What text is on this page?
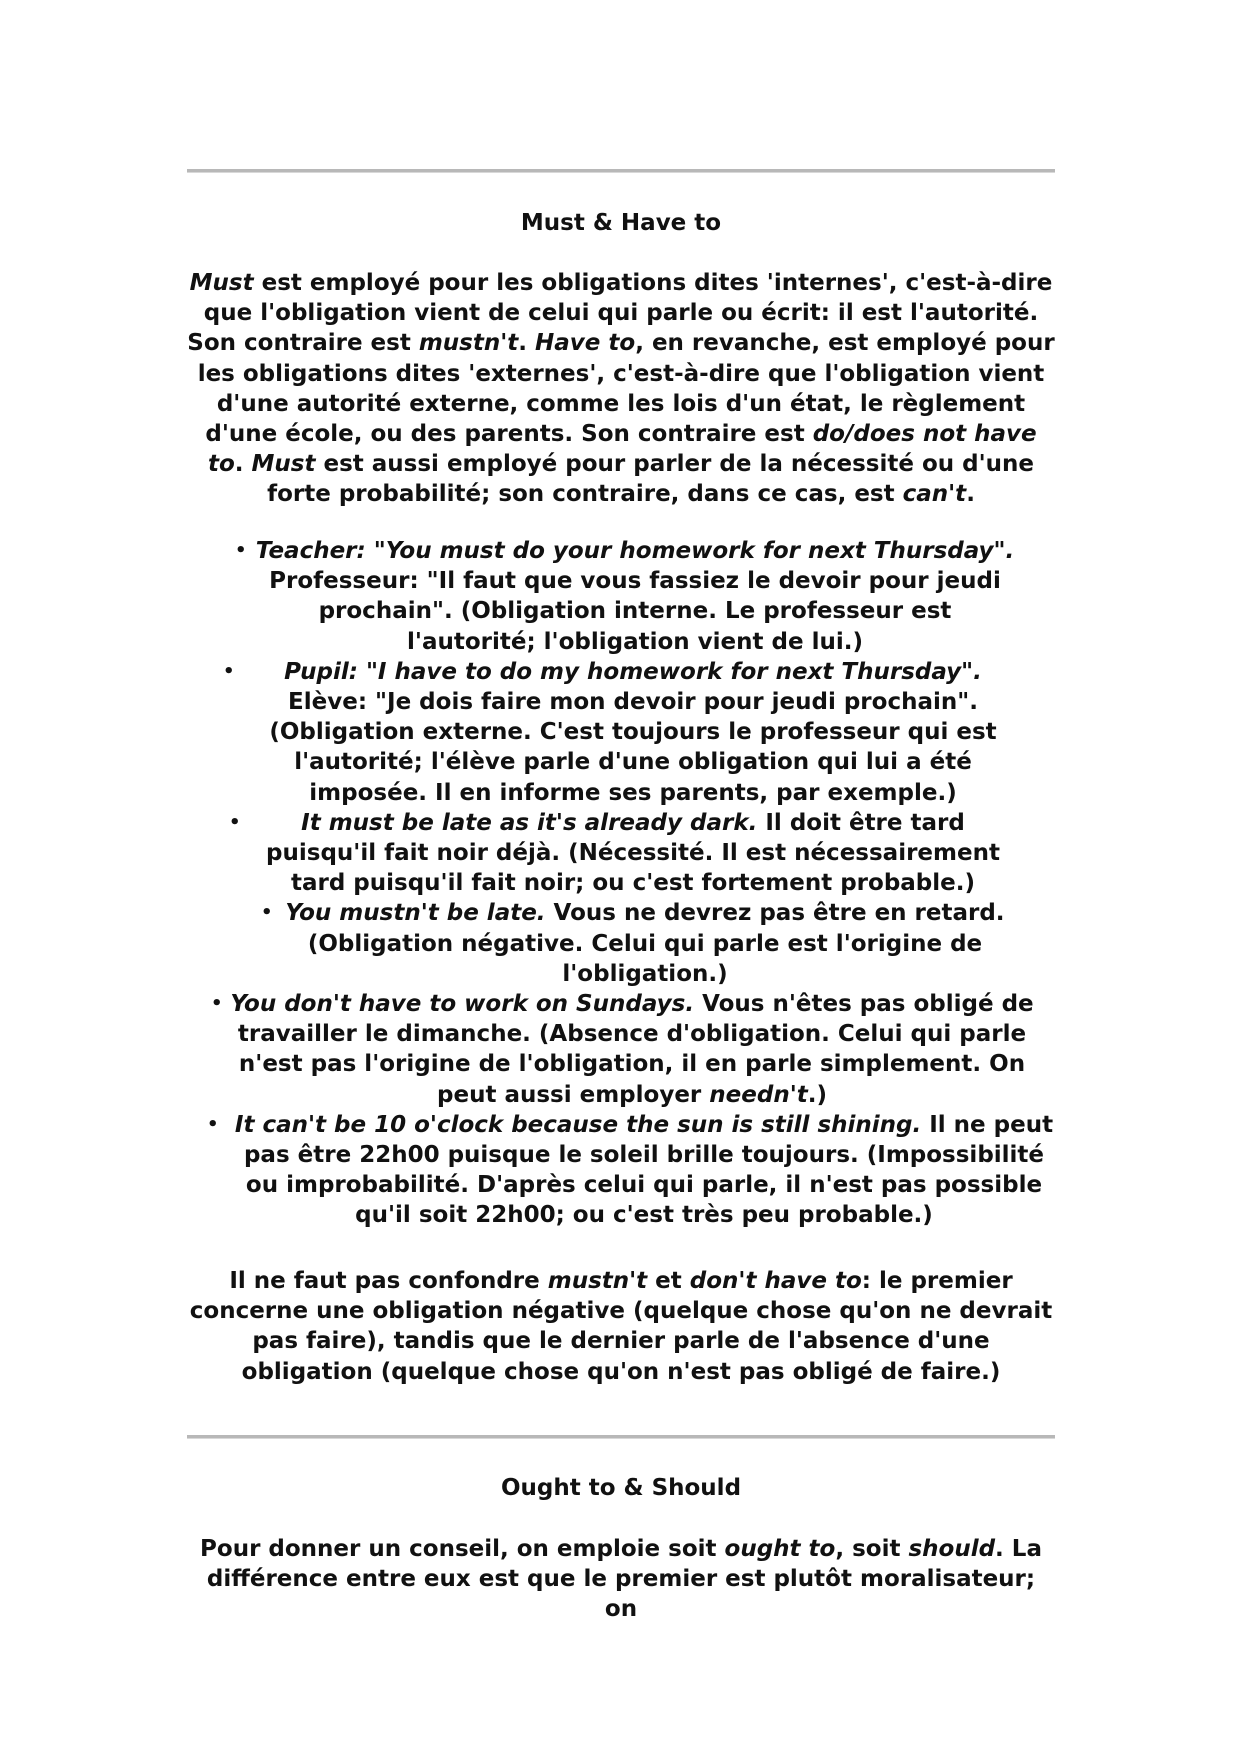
Must & Have to

Must est employé pour les obligations dites 'internes', c'est-à-dire que l'obligation vient de celui qui parle ou écrit: il est l'autorité. Son contraire est mustn't. Have to, en revanche, est employé pour les obligations dites 'externes', c'est-à-dire que l'obligation vient d'une autorité externe, comme les lois d'un état, le règlement d'une école, ou des parents. Son contraire est do/does not have to. Must est aussi employé pour parler de la nécessité ou d'une forte probabilité; son contraire, dans ce cas, est can't.

• Teacher: "You must do your homework for next Thursday". Professeur: "Il faut que vous fassiez le devoir pour jeudi prochain". (Obligation interne. Le professeur est l'autorité; l'obligation vient de lui.)
• Pupil: "I have to do my homework for next Thursday". Elève: "Je dois faire mon devoir pour jeudi prochain". (Obligation externe. C'est toujours le professeur qui est l'autorité; l'élève parle d'une obligation qui lui a été imposée. Il en informe ses parents, par exemple.)
•	It must be late as it's already dark. Il doit être tard puisqu'il fait noir déjà. (Nécessité. Il est nécessairement tard puisqu'il fait noir; ou c'est fortement probable.)
• You mustn't be late. Vous ne devrez pas être en retard. (Obligation négative. Celui qui parle est l'origine de l'obligation.)
• You don't have to work on Sundays. Vous n'êtes pas obligé de travailler le dimanche. (Absence d'obligation. Celui qui parle n'est pas l'origine de l'obligation, il en parle simplement. On peut aussi employer needn't.)
• It can't be 10 o'clock because the sun is still shining. Il ne peut pas être 22h00 puisque le soleil brille toujours. (Impossibilité ou improbabilité. D'après celui qui parle, il n'est pas possible qu'il soit 22h00; ou c'est très peu probable.)

Il ne faut pas confondre mustn't et don't have to: le premier concerne une obligation négative (quelque chose qu'on ne devrait pas faire), tandis que le dernier parle de l'absence d'une obligation (quelque chose qu'on n'est pas obligé de faire.)

Ought to & Should

Pour donner un conseil, on emploie soit ought to, soit should. La différence entre eux est que le premier est plutôt moralisateur; on
